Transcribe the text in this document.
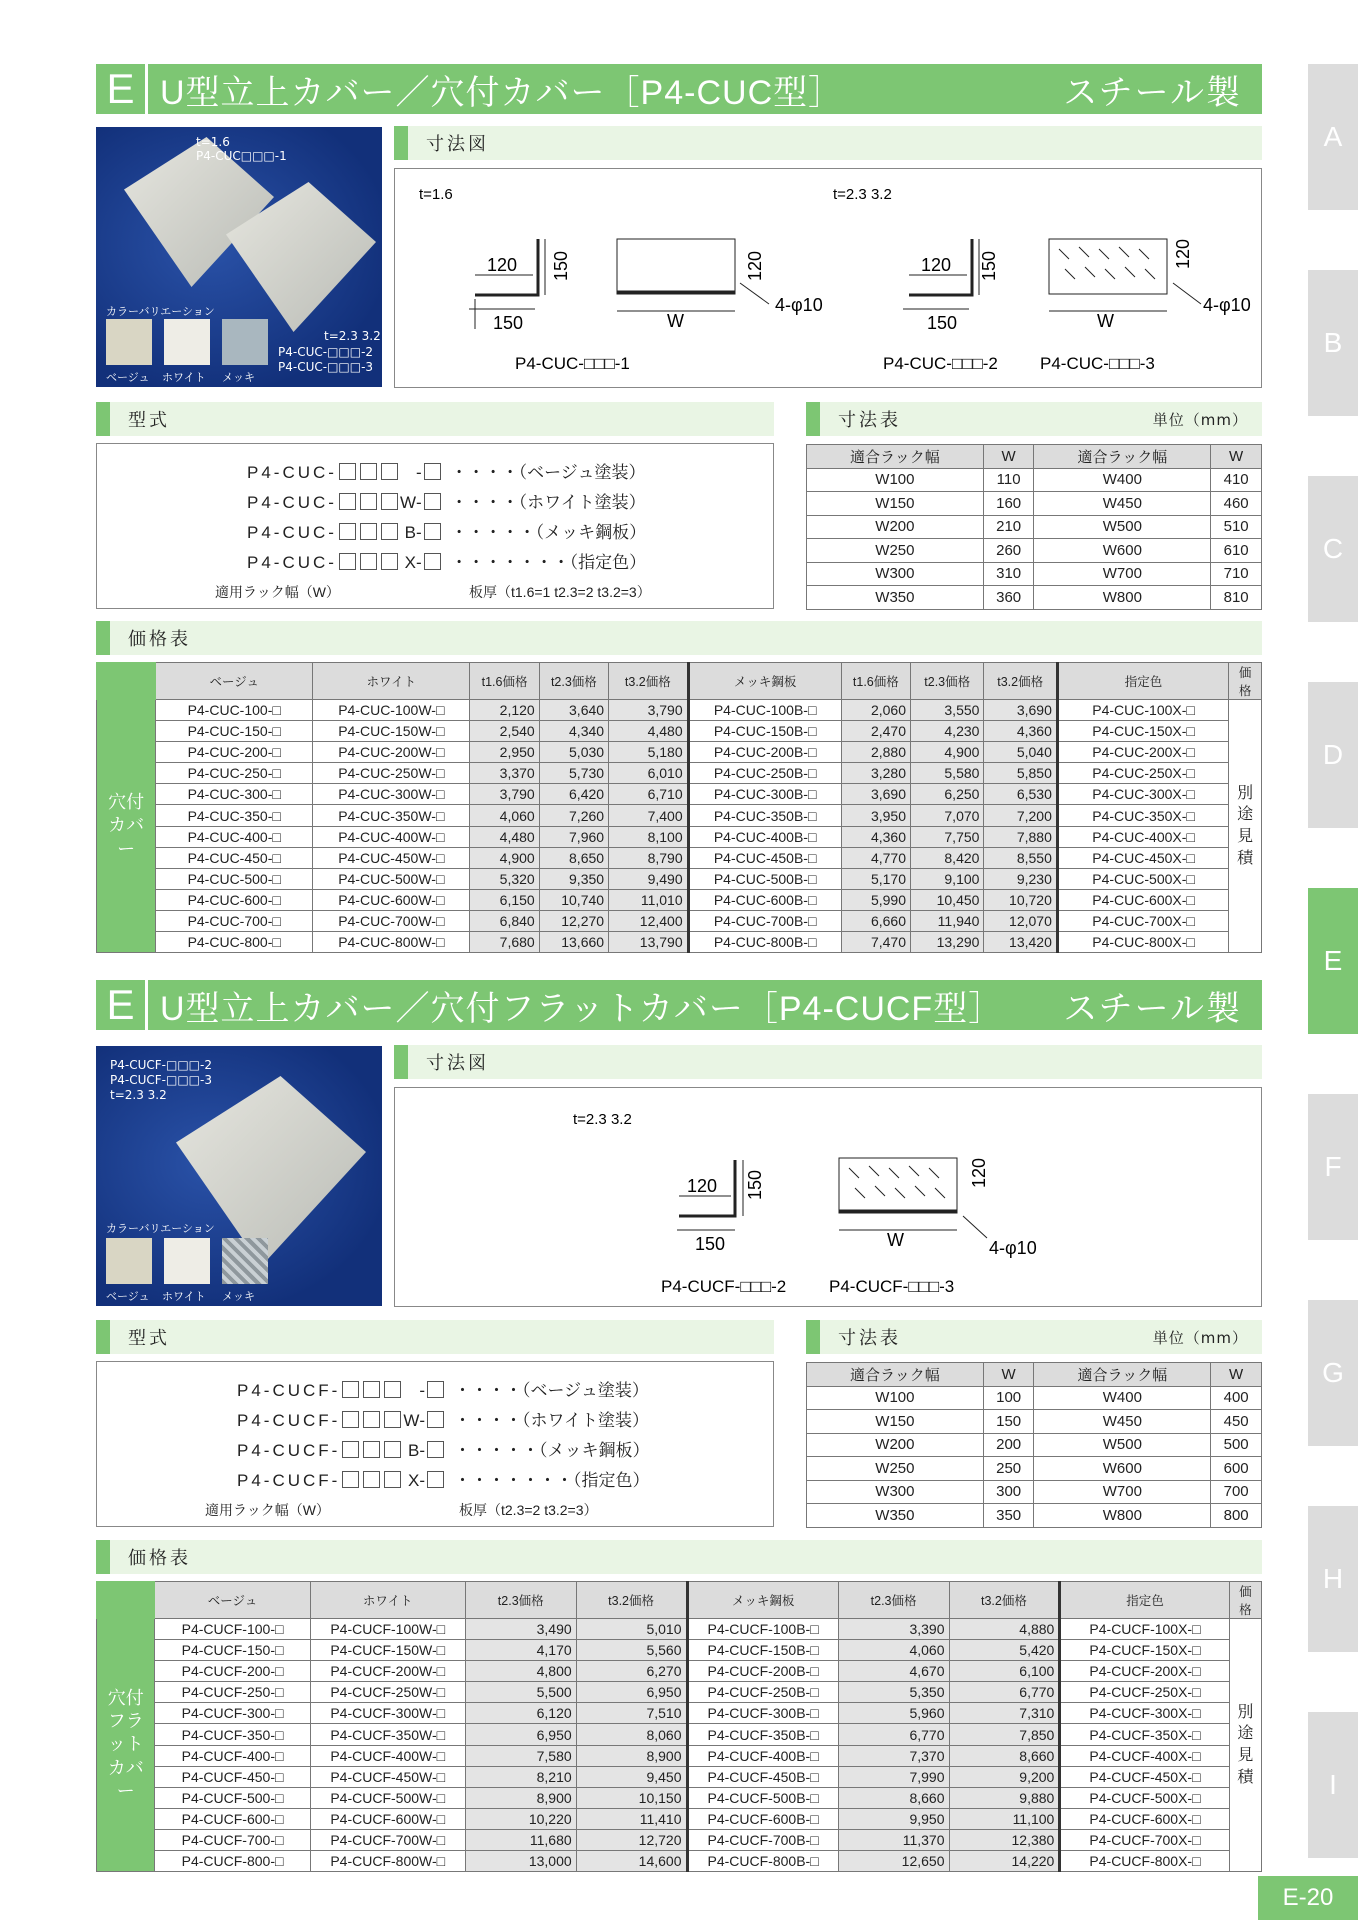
A
B
C
D
E
F
G
H
I
E-20
E U型立上カバー／穴付カバー［P4-CUC型］	スチール製
t=1.6
P4-CUC□□□-1
カラーバリエーション
ベージュ ホワイト メッキ
t=2.3 3.2
P4-CUC-□□□-2
P4-CUC-□□□-3
寸法図
t=1.6	t=2.3 3.2
120 150
150	W
4-φ10
120
P4-CUC-□□□-1
120 150
150	W
4-φ10
120
P4-CUC-□□□-2 P4-CUC-□□□-3
型式
P4-CUC-	- ・・・・（ベージュ塗装）
P4-CUC-	W- ・・・・（ホワイト塗装）
P4-CUC-	B- ・・・・・（メッキ鋼板）
P4-CUC-	X- ・・・・・・・（指定色）
適用ラック幅（W）	板厚（t1.6=1 t2.3=2 t3.2=3）
寸法表	単位（mm）
適合ラック幅	W	適合ラック幅	W
W100	110	W400	410
W150	160	W450	460
W200	210	W500	510
W250	260	W600	610
W300	310	W700	710
W350	360	W800	810
価格表
	ベージュ	ホワイト	t1.6価格	t2.3価格	t3.2価格	メッキ鋼板	t1.6価格	t2.3価格	t3.2価格	指定色	価格
穴付
カバー	P4-CUC-100-□	P4-CUC-100W-□	2,120	3,640	3,790	P4-CUC-100B-□	2,060	3,550	3,690	P4-CUC-100X-□	別
途
見
積
	P4-CUC-150-□	P4-CUC-150W-□	2,540	4,340	4,480	P4-CUC-150B-□	2,470	4,230	4,360	P4-CUC-150X-□	
	P4-CUC-200-□	P4-CUC-200W-□	2,950	5,030	5,180	P4-CUC-200B-□	2,880	4,900	5,040	P4-CUC-200X-□	
	P4-CUC-250-□	P4-CUC-250W-□	3,370	5,730	6,010	P4-CUC-250B-□	3,280	5,580	5,850	P4-CUC-250X-□	
	P4-CUC-300-□	P4-CUC-300W-□	3,790	6,420	6,710	P4-CUC-300B-□	3,690	6,250	6,530	P4-CUC-300X-□	
	P4-CUC-350-□	P4-CUC-350W-□	4,060	7,260	7,400	P4-CUC-350B-□	3,950	7,070	7,200	P4-CUC-350X-□	
	P4-CUC-400-□	P4-CUC-400W-□	4,480	7,960	8,100	P4-CUC-400B-□	4,360	7,750	7,880	P4-CUC-400X-□	
	P4-CUC-450-□	P4-CUC-450W-□	4,900	8,650	8,790	P4-CUC-450B-□	4,770	8,420	8,550	P4-CUC-450X-□	
	P4-CUC-500-□	P4-CUC-500W-□	5,320	9,350	9,490	P4-CUC-500B-□	5,170	9,100	9,230	P4-CUC-500X-□	
	P4-CUC-600-□	P4-CUC-600W-□	6,150	10,740	11,010	P4-CUC-600B-□	5,990	10,450	10,720	P4-CUC-600X-□	
	P4-CUC-700-□	P4-CUC-700W-□	6,840	12,270	12,400	P4-CUC-700B-□	6,660	11,940	12,070	P4-CUC-700X-□	
	P4-CUC-800-□	P4-CUC-800W-□	7,680	13,660	13,790	P4-CUC-800B-□	7,470	13,290	13,420	P4-CUC-800X-□	
E U型立上カバー／穴付フラットカバー［P4-CUCF型］	スチール製
P4-CUCF-□□□-2
P4-CUCF-□□□-3
t=2.3 3.2
カラーバリエーション
ベージュ ホワイト メッキ
寸法図
t=2.3 3.2
120 150
150	W	4-φ10
120
P4-CUCF-□□□-2	P4-CUCF-□□□-3
型式
P4-CUCF-	- ・・・・（ベージュ塗装）
P4-CUCF-	W- ・・・・（ホワイト塗装）
P4-CUCF-	B- ・・・・・（メッキ鋼板）
P4-CUCF-	X- ・・・・・・・（指定色）
適用ラック幅（W）	板厚（t2.3=2 t3.2=3）
寸法表	単位（mm）
適合ラック幅	W	適合ラック幅	W
W100	100	W400	400
W150	150	W450	450
W200	200	W500	500
W250	250	W600	600
W300	300	W700	700
W350	350	W800	800
価格表
	ベージュ	ホワイト	t2.3価格	t3.2価格	メッキ鋼板	t2.3価格	t3.2価格	指定色	価格
穴付
フラット
カバー	P4-CUCF-100-□	P4-CUCF-100W-□	3,490	5,010	P4-CUCF-100B-□	3,390	4,880	P4-CUCF-100X-□	別
途
見
積
	P4-CUCF-150-□	P4-CUCF-150W-□	4,170	5,560	P4-CUCF-150B-□	4,060	5,420	P4-CUCF-150X-□	
	P4-CUCF-200-□	P4-CUCF-200W-□	4,800	6,270	P4-CUCF-200B-□	4,670	6,100	P4-CUCF-200X-□	
	P4-CUCF-250-□	P4-CUCF-250W-□	5,500	6,950	P4-CUCF-250B-□	5,350	6,770	P4-CUCF-250X-□	
	P4-CUCF-300-□	P4-CUCF-300W-□	6,120	7,510	P4-CUCF-300B-□	5,960	7,310	P4-CUCF-300X-□	
	P4-CUCF-350-□	P4-CUCF-350W-□	6,950	8,060	P4-CUCF-350B-□	6,770	7,850	P4-CUCF-350X-□	
	P4-CUCF-400-□	P4-CUCF-400W-□	7,580	8,900	P4-CUCF-400B-□	7,370	8,660	P4-CUCF-400X-□	
	P4-CUCF-450-□	P4-CUCF-450W-□	8,210	9,450	P4-CUCF-450B-□	7,990	9,200	P4-CUCF-450X-□	
	P4-CUCF-500-□	P4-CUCF-500W-□	8,900	10,150	P4-CUCF-500B-□	8,660	9,880	P4-CUCF-500X-□	
	P4-CUCF-600-□	P4-CUCF-600W-□	10,220	11,410	P4-CUCF-600B-□	9,950	11,100	P4-CUCF-600X-□	
	P4-CUCF-700-□	P4-CUCF-700W-□	11,680	12,720	P4-CUCF-700B-□	11,370	12,380	P4-CUCF-700X-□	
	P4-CUCF-800-□	P4-CUCF-800W-□	13,000	14,600	P4-CUCF-800B-□	12,650	14,220	P4-CUCF-800X-□	
